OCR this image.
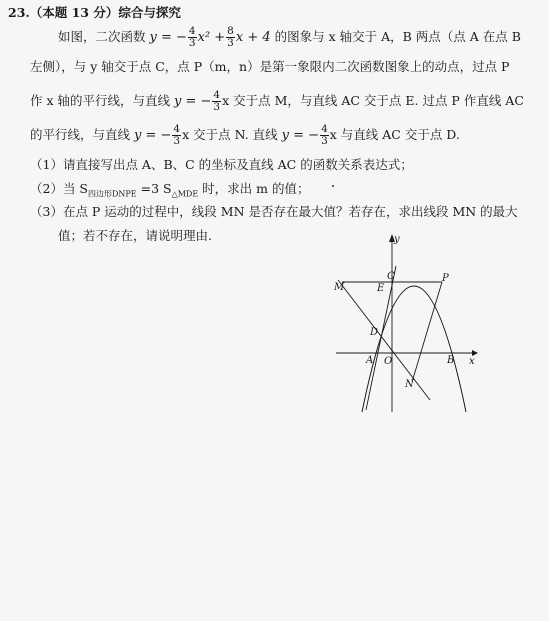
23.（本题 13 分）综合与探究
如图，二次函数 y = − $\frac{4}{3} x^2 + \frac{8}{3}$ x + 4 的图象与 x 轴交于 A，B 两点（点 A 在点 B
左侧），与 y 轴交于点 C，点 P（m，n）是第一象限内二次函数图象上的动点，过点 P
作 x 轴的平行线，与直线 y = − $\frac{4}{3}$ x 交于点 M，与直线 AC 交于点 E. 过点 P 作直线 AC
的平行线，与直线 y = − $\frac{4}{3}$ x 交于点 N. 直线 y = − $\frac{4}{3}$ x 与直线 AC 交于点 D.
（1）请直接写出点 A、B、C 的坐标及直线 AC 的函数关系表达式；
（2）当 $S_{四边形DNPE} =3$ $S_{\triangle MDE}$ 时，求出 m 的值；
（3）在点 P 运动的过程中，线段 MN 是否存在最大值？若存在，求出线段 MN 的最大
值；若不存在，请说明理由.	y
x
O
A	B
C	P
M	E
D
N
